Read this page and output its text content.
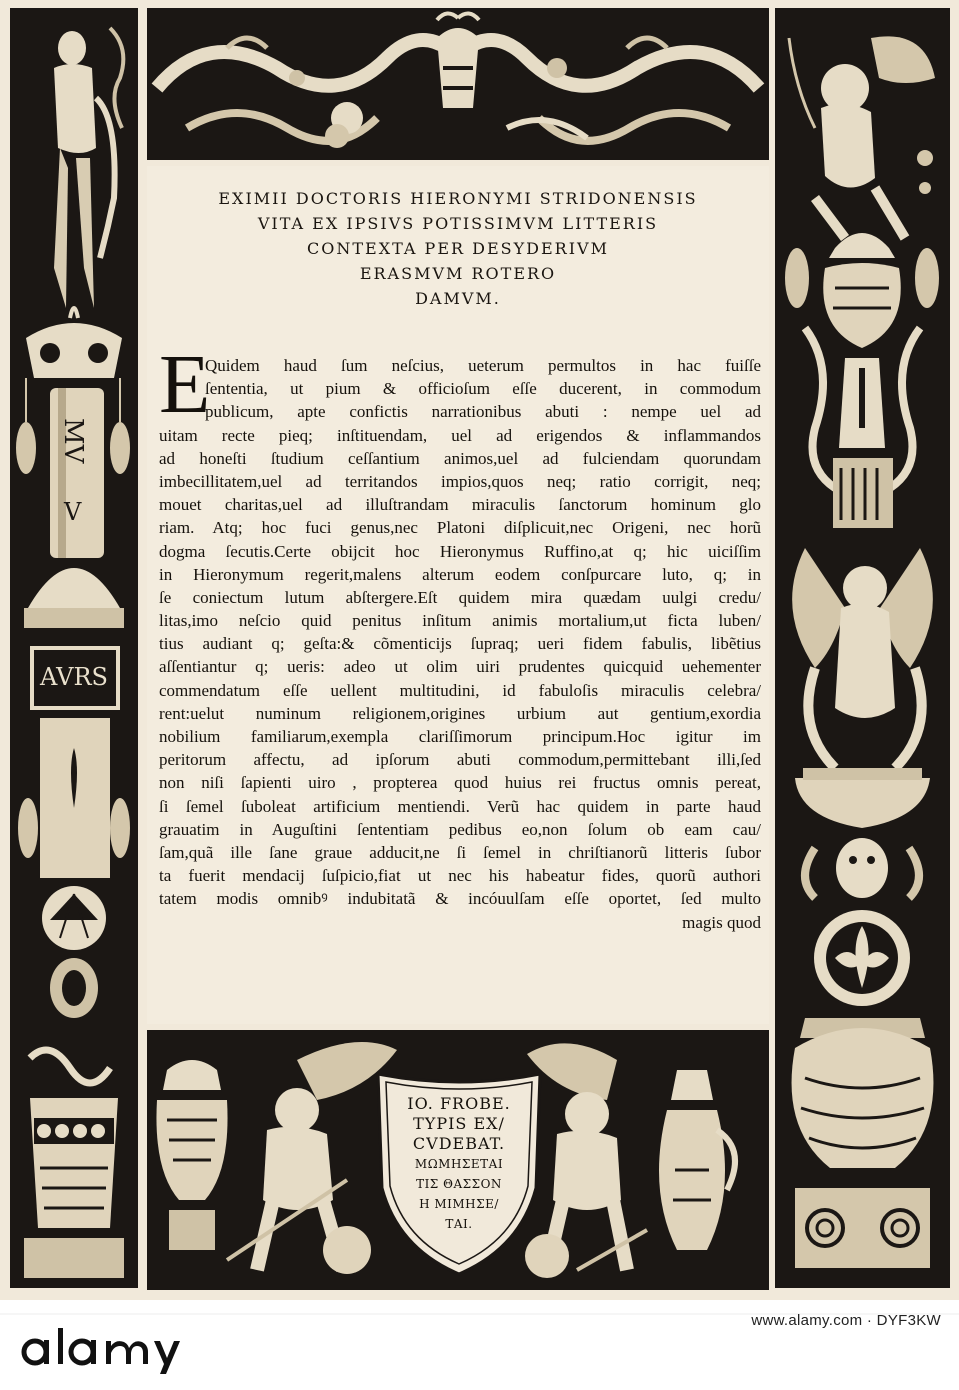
MV
V
AVRS
EXIMII DOCTORIS HIERONYMI STRIDONENSIS
VITA EX IPSIVS POTISSIMVM LITTERIS
CONTEXTA PER DESYDERIVM
ERASMVM ROTERO
DAMVM.
E
Quidem haud ſum neſcius, ueterum permultos in hac fuiſſe
ſententia, ut pium & officioſum eſſe ducerent, in commodum
publicum, apte confictis narrationibus abuti : nempe uel ad
uitam recte pieq; inſtituendam, uel ad erigendos & inflammandos
ad honeſti ſtudium ceſſantium animos,uel ad fulciendam quorundam
imbecillitatem,uel ad territandos impios,quos neq; ratio corrigit, neq;
mouet charitas,uel ad illuſtrandam miraculis ſanctorum hominum glo
riam. Atq; hoc fuci genus,nec Platoni diſplicuit,nec Origeni, nec horũ
dogma ſecutis.Certe obijcit hoc Hieronymus Ruffino,at q; hic uiciſſim
in Hieronymum regerit,malens alterum eodem conſpurcare luto, q; in
ſe coniectum lutum abſtergere.Eſt quidem mira quædam uulgi credu/
litas,imo neſcio quid penitus inſitum animis mortalium,ut ficta luben/
tius audiant q; geſta:& cõmenticijs ſupraq; ueri fidem fabulis, libẽtius
aſſentiantur q; ueris: adeo ut olim uiri prudentes quicquid uehementer
commendatum eſſe uellent multitudini, id fabuloſis miraculis celebra/
rent:uelut numinum religionem,origines urbium aut gentium,exordia
nobilium familiarum,exempla clariſſimorum principum.Hoc igitur im
peritorum affectu, ad ipſorum abuti commodum,permittebant illi,ſed
non niſi ſapienti uiro , propterea quod huius rei fructus omnis pereat,
ſi ſemel ſuboleat artificium mentiendi. Verũ hac quidem in parte haud
grauatim in Auguſtini ſententiam pedibus eo,non ſolum ob eam cau/
ſam,quã ille ſane graue adducit,ne ſi ſemel in chriſtianorũ litteris ſubor
ta fuerit mendacij ſuſpicio,fiat ut nec his habeatur fides, quorũ authori
tatem modis omnibꝰ indubitatã & incóuulſam eſſe oportet, ſed multo
magis quod
IO. FROBE.
TYPIS EX/
CVDEBAT.
ΜΩΜΗΣΕΤΑΙ
ΤΙΣ ΘΑΣΣΟΝ
Η ΜΙΜΗΣΕ/
ΤΑΙ.
www.alamy.com · DYF3KW
